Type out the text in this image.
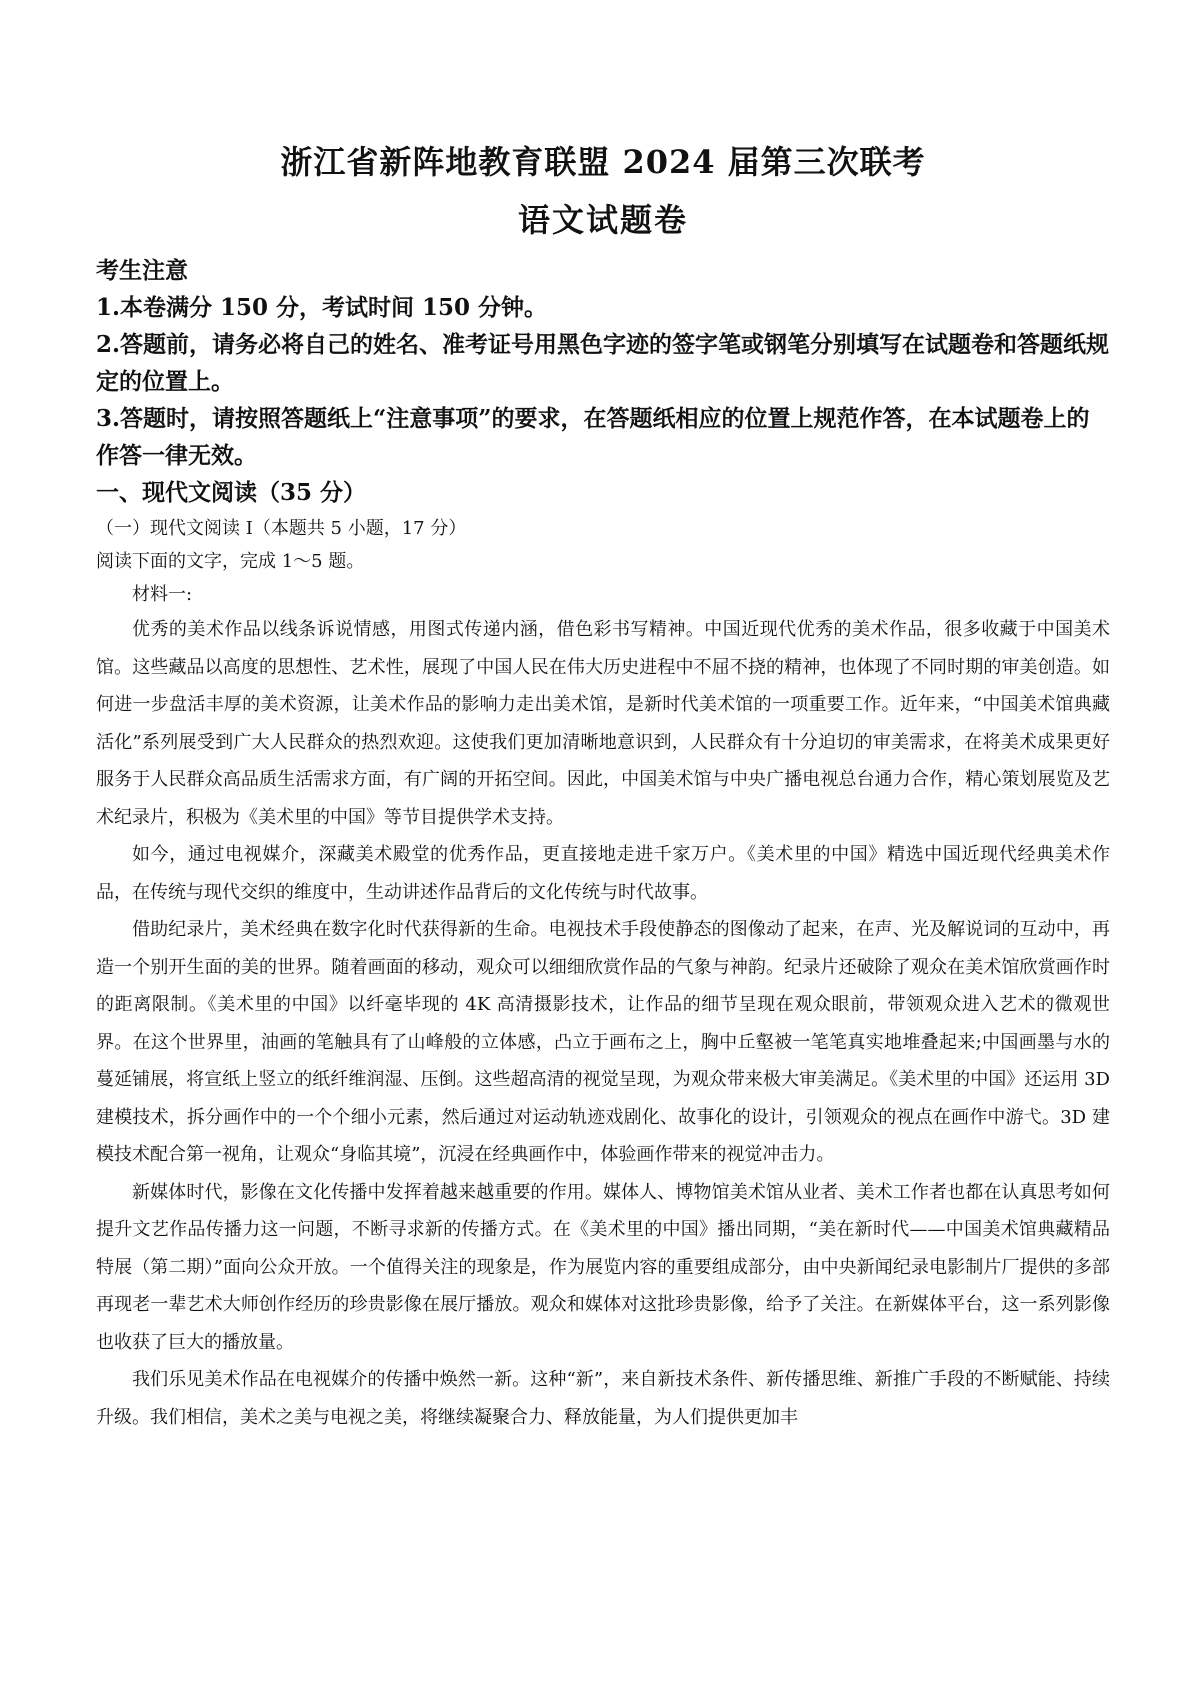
浙江省新阵地教育联盟 2024 届第三次联考
语文试题卷

考生注意

1.本卷满分 150 分，考试时间 150 分钟。

2.答题前，请务必将自己的姓名、准考证号用黑色字迹的签字笔或钢笔分别填写在试题卷和答题纸规定的位置上。

3.答题时，请按照答题纸上“注意事项”的要求，在答题纸相应的位置上规范作答，在本试题卷上的作答一律无效。

一、现代文阅读（35 分）

（一）现代文阅读 I（本题共 5 小题，17 分）

阅读下面的文字，完成 1～5 题。

材料一:

优秀的美术作品以线条诉说情感，用图式传递内涵，借色彩书写精神。中国近现代优秀的美术作品，很多收藏于中国美术馆。这些藏品以高度的思想性、艺术性，展现了中国人民在伟大历史进程中不屈不挠的精神，也体现了不同时期的审美创造。如何进一步盘活丰厚的美术资源，让美术作品的影响力走出美术馆，是新时代美术馆的一项重要工作。近年来，“中国美术馆典藏活化”系列展受到广大人民群众的热烈欢迎。这使我们更加清晰地意识到，人民群众有十分迫切的审美需求，在将美术成果更好服务于人民群众高品质生活需求方面，有广阔的开拓空间。因此，中国美术馆与中央广播电视总台通力合作，精心策划展览及艺术纪录片，积极为《美术里的中国》等节目提供学术支持。

如今，通过电视媒介，深藏美术殿堂的优秀作品，更直接地走进千家万户。《美术里的中国》精选中国近现代经典美术作品，在传统与现代交织的维度中，生动讲述作品背后的文化传统与时代故事。

借助纪录片，美术经典在数字化时代获得新的生命。电视技术手段使静态的图像动了起来，在声、光及解说词的互动中，再造一个别开生面的美的世界。随着画面的移动，观众可以细细欣赏作品的气象与神韵。纪录片还破除了观众在美术馆欣赏画作时的距离限制。《美术里的中国》以纤毫毕现的 4K 高清摄影技术，让作品的细节呈现在观众眼前，带领观众进入艺术的微观世界。在这个世界里，油画的笔触具有了山峰般的立体感，凸立于画布之上，胸中丘壑被一笔笔真实地堆叠起来;中国画墨与水的蔓延铺展，将宣纸上竖立的纸纤维润湿、压倒。这些超高清的视觉呈现，为观众带来极大审美满足。《美术里的中国》还运用 3D 建模技术，拆分画作中的一个个细小元素，然后通过对运动轨迹戏剧化、故事化的设计，引领观众的视点在画作中游弋。3D 建模技术配合第一视角，让观众“身临其境”，沉浸在经典画作中，体验画作带来的视觉冲击力。

新媒体时代，影像在文化传播中发挥着越来越重要的作用。媒体人、博物馆美术馆从业者、美术工作者也都在认真思考如何提升文艺作品传播力这一问题，不断寻求新的传播方式。在《美术里的中国》播出同期，“美在新时代——中国美术馆典藏精品特展（第二期）”面向公众开放。一个值得关注的现象是，作为展览内容的重要组成部分，由中央新闻纪录电影制片厂提供的多部再现老一辈艺术大师创作经历的珍贵影像在展厅播放。观众和媒体对这批珍贵影像，给予了关注。在新媒体平台，这一系列影像也收获了巨大的播放量。

我们乐见美术作品在电视媒介的传播中焕然一新。这种“新”，来自新技术条件、新传播思维、新推广手段的不断赋能、持续升级。我们相信，美术之美与电视之美，将继续凝聚合力、释放能量，为人们提供更加丰
